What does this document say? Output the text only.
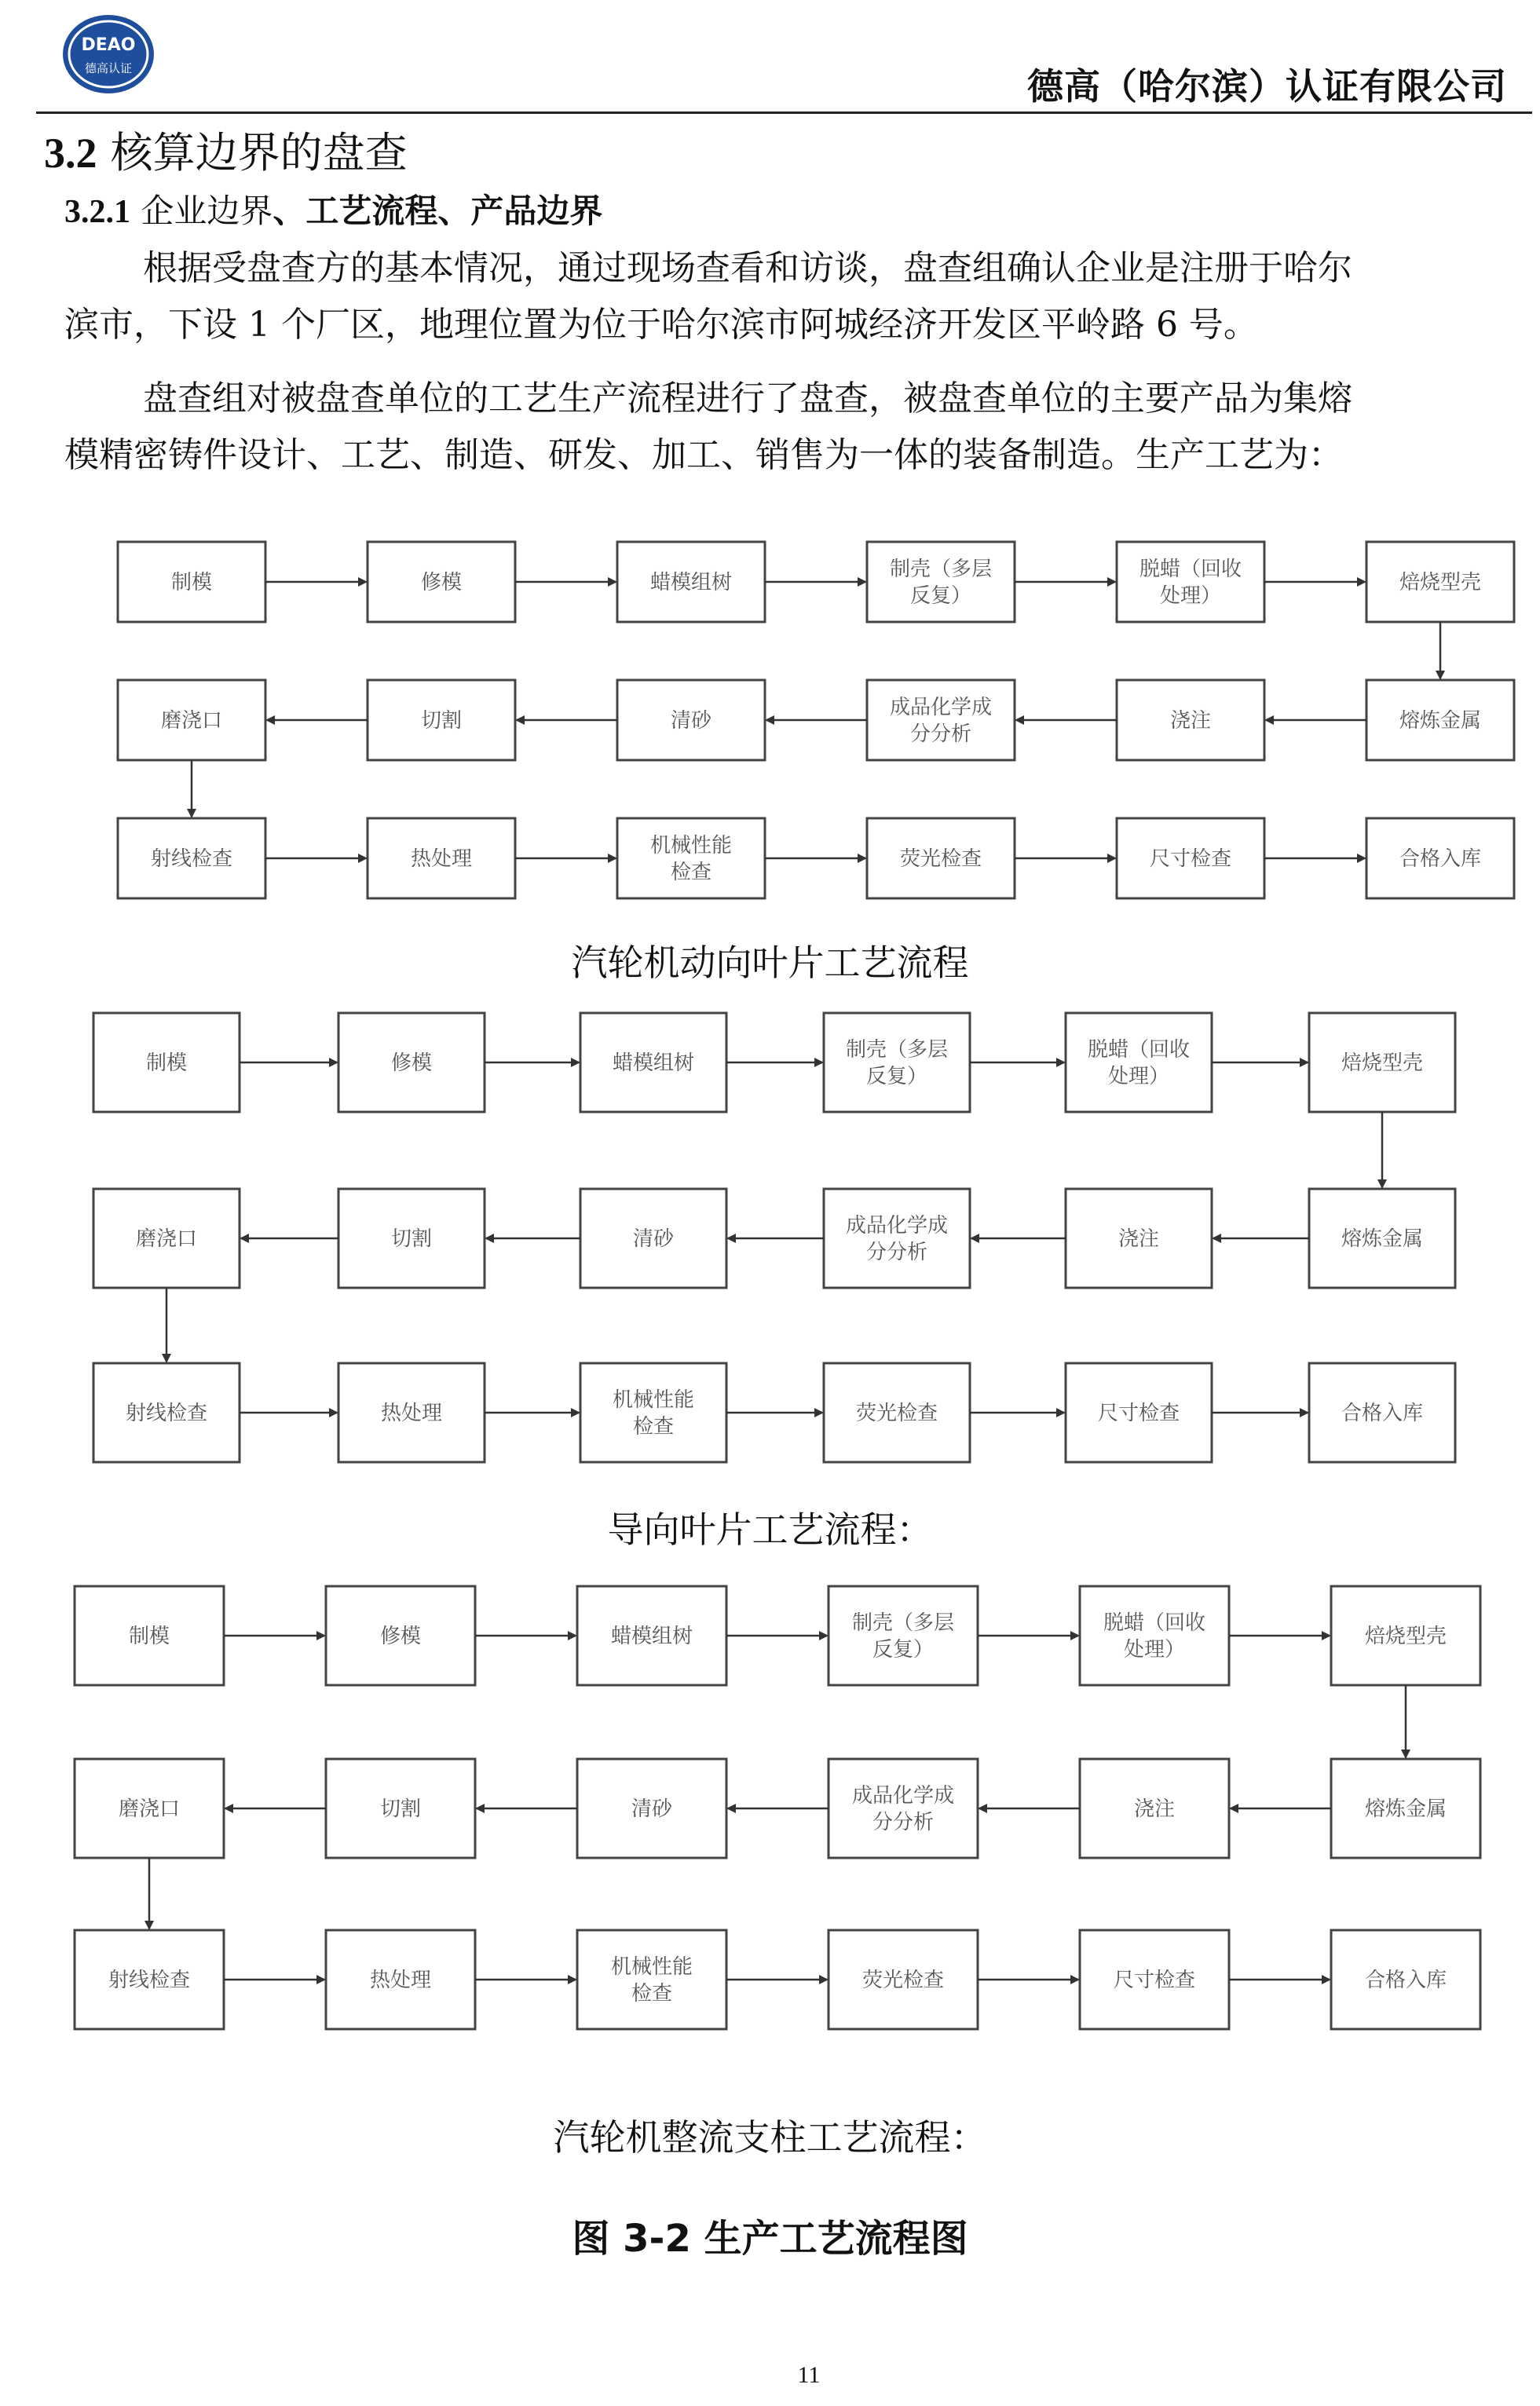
DEAO
德高认证	德高（哈尔滨）认证有限公司
3.2 核算边界的盘查
3.2.1 企业边界、工艺流程、产品边界
根据受盘查方的基本情况，通过现场查看和访谈，盘查组确认企业是注册于哈尔
滨市，下设 1 个厂区，地理位置为位于哈尔滨市阿城经济开发区平岭路 6 号。
盘查组对被盘查单位的工艺生产流程进行了盘查，被盘查单位的主要产品为集熔
模精密铸件设计、工艺、制造、研发、加工、销售为一体的装备制造。生产工艺为：
制模	修模	蜡模组树
制壳（多层
反复）
脱蜡（回收
处理）
焙烧型壳
磨浇口	切割	清砂
成品化学成
分分析
浇注	熔炼金属
射线检查	热处理
机械性能
检查
荧光检查	尺寸检查	合格入库
汽轮机动向叶片工艺流程
制模	修模	蜡模组树
制壳（多层
反复）
脱蜡（回收
处理）
焙烧型壳
磨浇口	切割	清砂
成品化学成
分分析
浇注	熔炼金属
射线检查	热处理
机械性能
检查
荧光检查	尺寸检查	合格入库
导向叶片工艺流程：
制模	修模	蜡模组树
制壳（多层
反复）
脱蜡（回收
处理）
焙烧型壳
磨浇口	切割	清砂
成品化学成
分分析
浇注	熔炼金属
射线检查	热处理
机械性能
检查
荧光检查	尺寸检查	合格入库
汽轮机整流支柱工艺流程：
图 3-2 生产工艺流程图
11
